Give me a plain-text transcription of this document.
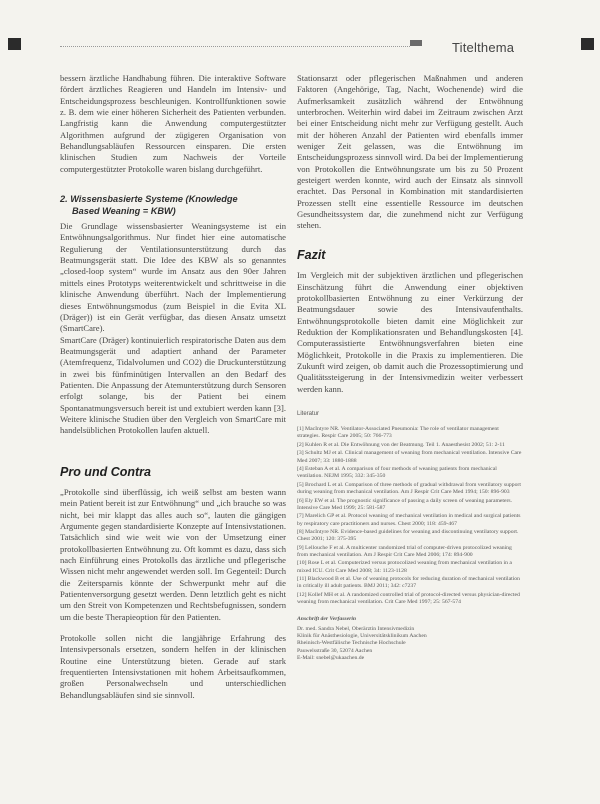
Titelthema

bessern ärztliche Handhabung führen. Die interaktive Software fördert ärztliches Reagieren und Handeln im Intensiv- und Entscheidungsprozess beschleunigen. Kontrollfunktionen sowie z. B. dem wie einer höheren Sicherheit des Patienten verbunden. Langfristig kann die Anwendung computergestützter Algorithmen aufgrund der zügigeren Organisation von Behandlungsabläufen Ressourcen einsparen. Die ersten klinischen Studien zum Nachweis der Vorteile computergestützter Protokolle waren bislang durchgeführt.

2. Wissensbasierte Systeme (Knowledge
Based Weaning = KBW)

Die Grundlage wissensbasierter Weaningsysteme ist ein Entwöhnungsalgorithmus. Nur findet hier eine automatische Regulierung der Ventilationsunterstützung durch das Beatmungsgerät statt. Die Idee des KBW als so genanntes „closed-loop system“ wurde im Ansatz aus den 90er Jahren mittels eines Prototyps weiterentwickelt und schrittweise in die klinische Anwendung überführt. Nach der Implementierung dieses Entwöhnungsmodus (zum Beispiel in die Evita XL (Dräger)) ist ein Gerät verfügbar, das diesen Ansatz umsetzt (SmartCare).

SmartCare (Dräger) kontinuierlich respiratorische Daten aus dem Beatmungsgerät und adaptiert anhand der Parameter (Atemfrequenz, Tidalvolumen und CO2) die Druckunterstützung in zwei bis fünfminütigen Intervallen an den Bedarf des Patienten. Die Anpassung der Atemunterstützung durch Sensoren erfolgt solange, bis der Patient bei einem Spontanatmungsversuch bereit ist und extubiert werden kann [3]. Weitere klinische Studien über den Vergleich von SmartCare mit handelsüblichen Protokollen laufen aktuell.

Pro und Contra

„Protokolle sind überflüssig, ich weiß selbst am besten wann mein Patient bereit ist zur Entwöhnung“ und „ich brauche so was nicht, bei mir klappt das alles auch so“, lauten die gängigen Argumente gegen standardisierte Konzepte auf Intensivstationen. Tatsächlich sind wie weit wie von der Umsetzung einer protokollbasierten Entwöhnung zu. Oft kommt es dazu, dass sich nach Einführung eines Protokolls das ärztliche und pflegerische Wissen nicht mehr angewendet werden soll. Im Gegenteil: Durch die Zeitersparnis könnte der Schwerpunkt mehr auf die Patientenversorgung gesetzt werden. Denn letztlich geht es nicht um den Streit von Kompetenzen und Rechtsbefugnissen, sondern um die beste Therapieoption für den Patienten.

Protokolle sollen nicht die langjährige Erfahrung des Intensivpersonals ersetzen, sondern helfen in der klinischen Routine eine Unterstützung bieten. Gerade auf stark frequentierten Intensivstationen mit hohem Arbeitsaufkommen, großen Personalwechseln und unterschiedlichen Behandlungsabläufen sind sie sinnvoll.

Stationsarzt oder pflegerischen Maßnahmen und anderen Faktoren (Angehörige, Tag, Nacht, Wochenende) wird die Aufmerksamkeit zusätzlich während der Entwöhnung unterbrochen. Weiterhin wird dabei im Zeitraum zwischen Arzt bei einer Entscheidung nicht mehr zur Verfügung gestellt. Auch mit der höheren Anzahl der Patienten wird ebenfalls immer weniger Zeit gelassen, was die Entwöhnung im Entscheidungsprozess sinnvoll wird. Da bei der Implementierung von Protokollen die Entwöhnungsrate um bis zu 50 Prozent gesteigert werden konnte, wird auch der Einsatz als sinnvoll erachtet. Das Personal in Kombination mit standardisierten Prozessen stellt eine essentielle Ressource im deutschen Gesundheitssystem dar, die zunehmend nicht zur Verfügung stehen.

Fazit

Im Vergleich mit der subjektiven ärztlichen und pflegerischen Einschätzung führt die Anwendung einer objektiven protokollbasierten Entwöhnung zu einer Verkürzung der Beatmungsdauer sowie des Intensivaufenthalts. Entwöhnungsprotokolle bieten damit eine Möglichkeit zur Reduktion der Komplikationsraten und Behandlungskosten [4]. Computerassistierte Entwöhnungsverfahren bieten eine Möglichkeit, Protokolle in die Praxis zu implementieren. Die Zukunft wird zeigen, ob damit auch die Prozessoptimierung und Qualitätssteigerung in der Intensivmedizin weiter verbessert werden kann.

Literatur
[1] MacIntyre NR. Ventilator-Associated Pneumonia: The role of ventilator management strategies. Respir Care 2005; 50: 766-773
[2] Kuhlen R et al. Die Entwöhnung von der Beatmung. Teil 1. Anaesthesist 2002; 51: 2-11
[3] Schultz MJ et al. Clinical management of weaning from mechanical ventilation. Intensive Care Med 2007; 33: 1880-1888
[4] Esteban A et al. A comparison of four methods of weaning patients from mechanical ventilation. NEJM 1995; 332: 345-350
[5] Brochard L et al. Comparison of three methods of gradual withdrawal from ventilatory support during weaning from mechanical ventilation. Am J Respir Crit Care Med 1994; 150: 896-903
[6] Ely EW et al. The prognostic significance of passing a daily screen of weaning parameters. Intensive Care Med 1999; 25: 581-587
[7] Marelich GP et al. Protocol weaning of mechanical ventilation in medical and surgical patients by respiratory care practitioners and nurses. Chest 2000; 118: 459-467
[8] MacIntyre NR. Evidence-based guidelines for weaning and discontinuing ventilatory support. Chest 2001; 120: 375-395
[9] Lellouche F et al. A multicenter randomized trial of computer-driven protocolized weaning from mechanical ventilation. Am J Respir Crit Care Med 2006; 174: 894-900
[10] Rose L et al. Computerized versus protocolized weaning from mechanical ventilation in a mixed ICU. Crit Care Med 2008; 34: 1123-1128
[11] Blackwood B et al. Use of weaning protocols for reducing duration of mechanical ventilation in critically ill adult patients. BMJ 2011; 342: c7237
[12] Kollef MH et al. A randomized controlled trial of protocol-directed versus physician-directed weaning from mechanical ventilation. Crit Care Med 1997; 25: 567-574
Anschrift der Verfasserin
Dr. med. Sandra Nebel, Oberärztin Intensivmedizin
Klinik für Anästhesiologie, Universitätsklinikum Aachen
Rheinisch-Westfälische Technische Hochschule
Pauwelsstraße 30, 52074 Aachen
E-Mail: snebel@ukaachen.de
